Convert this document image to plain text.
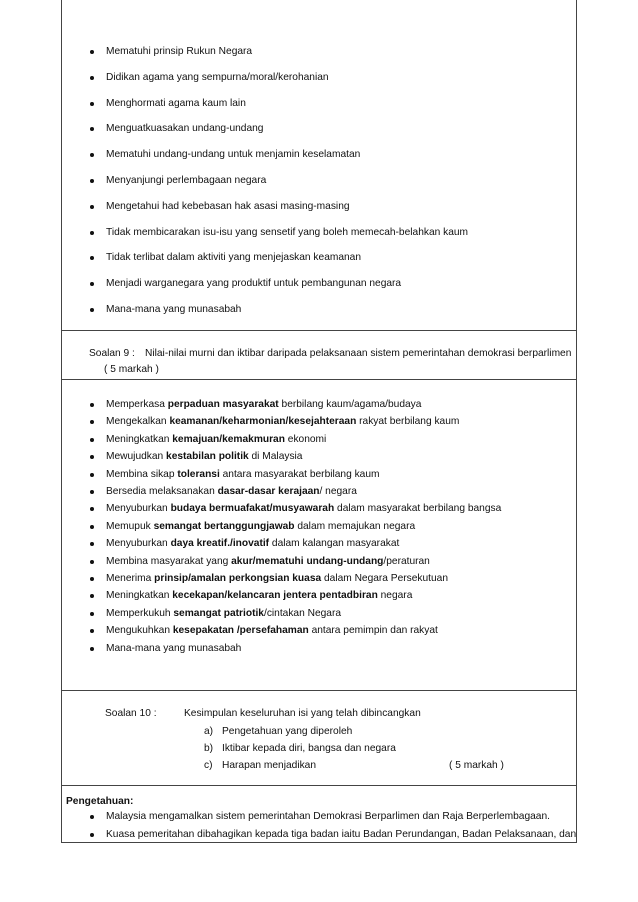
Mematuhi prinsip Rukun Negara
Didikan agama yang sempurna/moral/kerohanian
Menghormati agama kaum lain
Menguatkuasakan undang-undang
Mematuhi undang-undang untuk menjamin keselamatan
Menyanjungi perlembagaan negara
Mengetahui had kebebasan hak asasi masing-masing
Tidak membicarakan isu-isu yang sensetif yang boleh memecah-belahkan kaum
Tidak terlibat dalam aktiviti yang menjejaskan keamanan
Menjadi warganegara yang produktif untuk pembangunan negara
Mana-mana yang munasabah
Soalan 9 : Nilai-nilai murni dan iktibar daripada pelaksanaan sistem pemerintahan demokrasi berparlimen
( 5 markah )
Memperkasa perpaduan masyarakat berbilang kaum/agama/budaya
Mengekalkan keamanan/keharmonian/kesejahteraan rakyat berbilang kaum
Meningkatkan kemajuan/kemakmuran ekonomi
Mewujudkan kestabilan politik di Malaysia
Membina sikap toleransi antara masyarakat berbilang kaum
Bersedia melaksanakan dasar-dasar kerajaan/ negara
Menyuburkan budaya bermuafakat/musyawarah dalam masyarakat berbilang bangsa
Memupuk semangat bertanggungjawab dalam memajukan negara
Menyuburkan daya kreatif./inovatif dalam kalangan masyarakat
Membina masyarakat yang akur/mematuhi undang-undang/peraturan
Menerima prinsip/amalan perkongsian kuasa dalam Negara Persekutuan
Meningkatkan kecekapan/kelancaran jentera pentadbiran negara
Memperkukuh semangat patriotik/cintakan Negara
Mengukuhkan kesepakatan /persefahaman antara pemimpin dan rakyat
Mana-mana yang munasabah
Soalan 10 :	Kesimpulan keseluruhan isi yang telah dibincangkan
a) Pengetahuan yang diperoleh
b) Iktibar kepada diri, bangsa dan negara
c) Harapan menjadikan	( 5 markah )
Pengetahuan:
Malaysia mengamalkan sistem pemerintahan Demokrasi Berparlimen dan Raja Berperlembagaan.
Kuasa pemeritahan dibahagikan kepada tiga badan iaitu Badan Perundangan, Badan Pelaksanaan, dan
